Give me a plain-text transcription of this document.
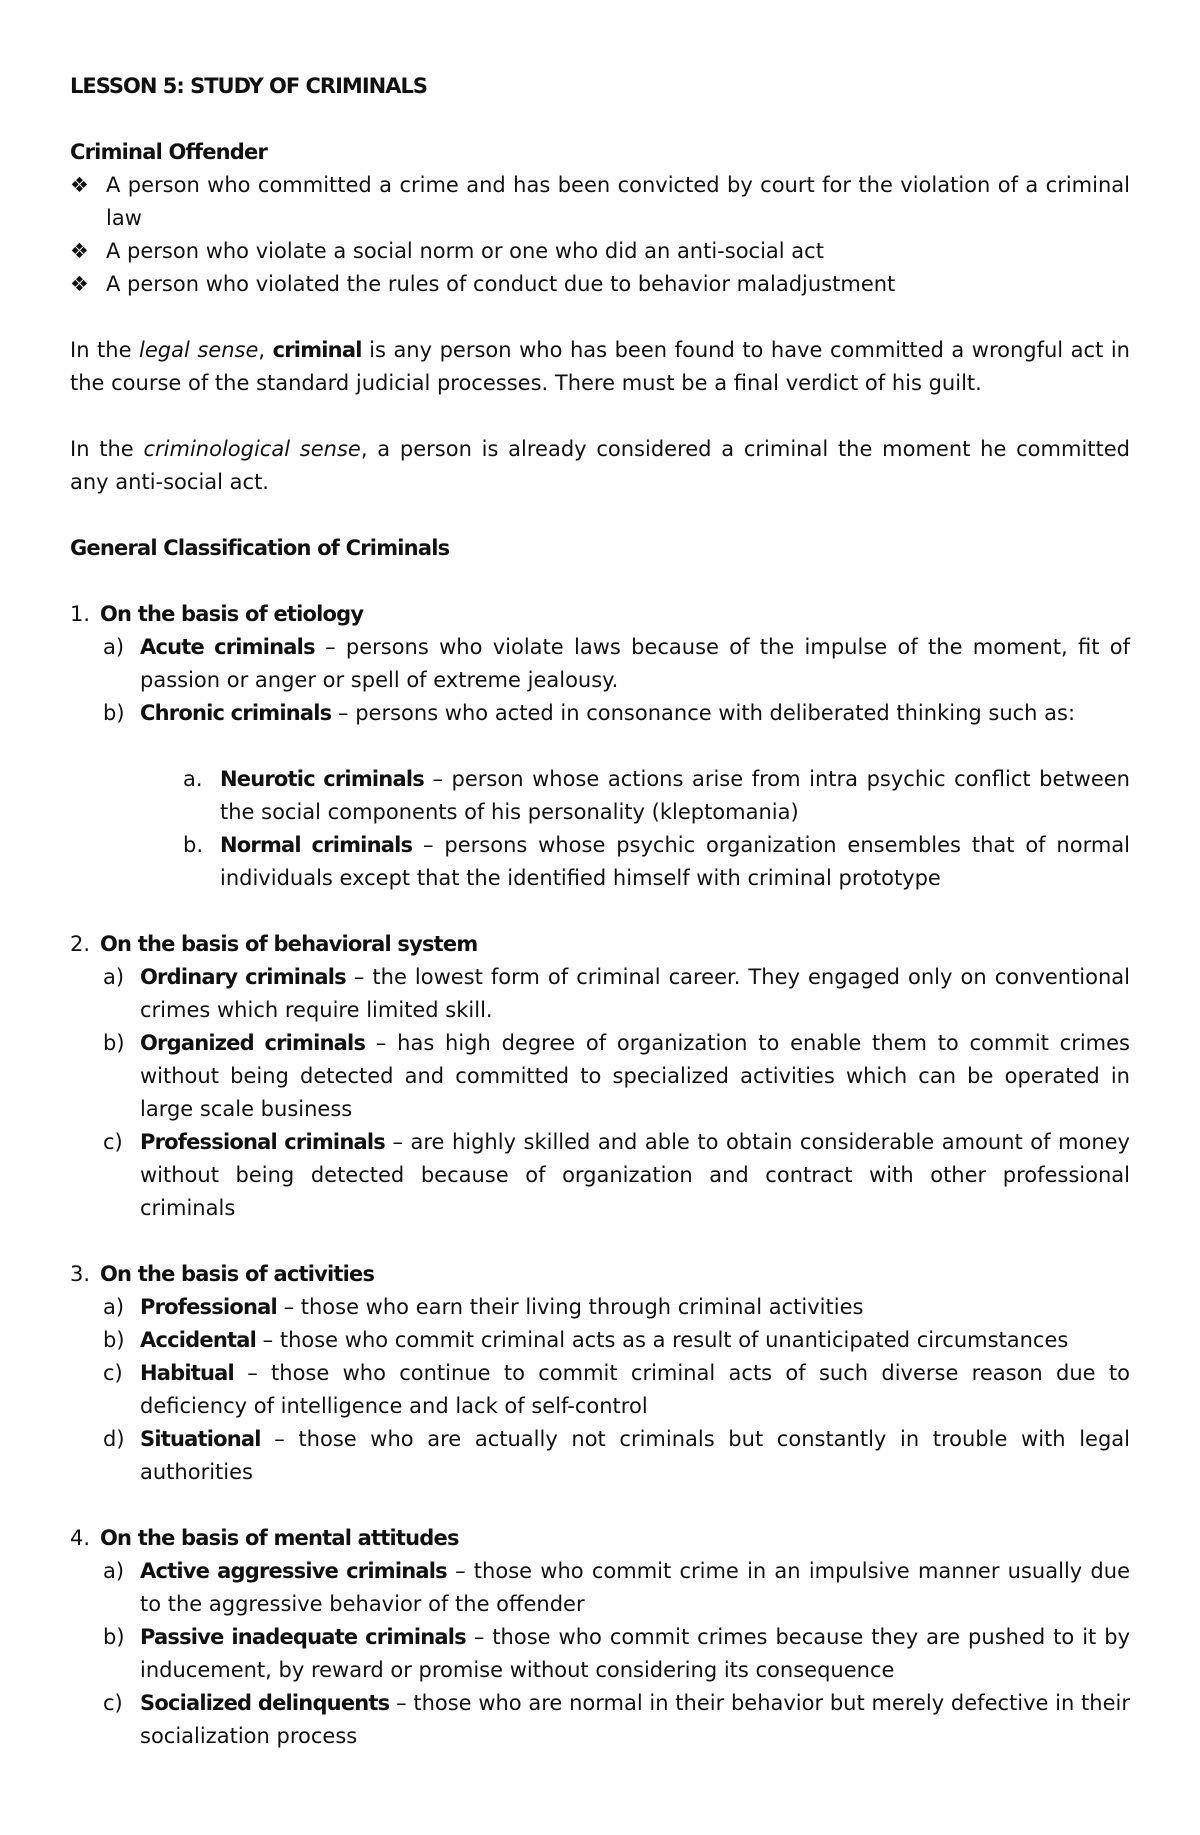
LESSON 5: STUDY OF CRIMINALS
Criminal Offender
❖ A person who committed a crime and has been convicted by court for the violation of a criminal law
❖ A person who violate a social norm or one who did an anti-social act
❖ A person who violated the rules of conduct due to behavior maladjustment

In the legal sense, criminal is any person who has been found to have committed a wrongful act in the course of the standard judicial processes. There must be a final verdict of his guilt.

In the criminological sense, a person is already considered a criminal the moment he committed any anti-social act.

General Classification of Criminals
1. On the basis of etiology
a) Acute criminals – persons who violate laws because of the impulse of the moment, fit of passion or anger or spell of extreme jealousy.
b) Chronic criminals – persons who acted in consonance with deliberated thinking such as:
a. Neurotic criminals – person whose actions arise from intra psychic conflict between the social components of his personality (kleptomania)
b. Normal criminals – persons whose psychic organization ensembles that of normal individuals except that the identified himself with criminal prototype
2. On the basis of behavioral system
a) Ordinary criminals – the lowest form of criminal career. They engaged only on conventional crimes which require limited skill.
b) Organized criminals – has high degree of organization to enable them to commit crimes without being detected and committed to specialized activities which can be operated in large scale business
c) Professional criminals – are highly skilled and able to obtain considerable amount of money without being detected because of organization and contract with other professional criminals
3. On the basis of activities
a) Professional – those who earn their living through criminal activities
b) Accidental – those who commit criminal acts as a result of unanticipated circumstances
c) Habitual – those who continue to commit criminal acts of such diverse reason due to deficiency of intelligence and lack of self-control
d) Situational – those who are actually not criminals but constantly in trouble with legal authorities
4. On the basis of mental attitudes
a) Active aggressive criminals – those who commit crime in an impulsive manner usually due to the aggressive behavior of the offender
b) Passive inadequate criminals – those who commit crimes because they are pushed to it by inducement, by reward or promise without considering its consequence
c) Socialized delinquents – those who are normal in their behavior but merely defective in their socialization process
